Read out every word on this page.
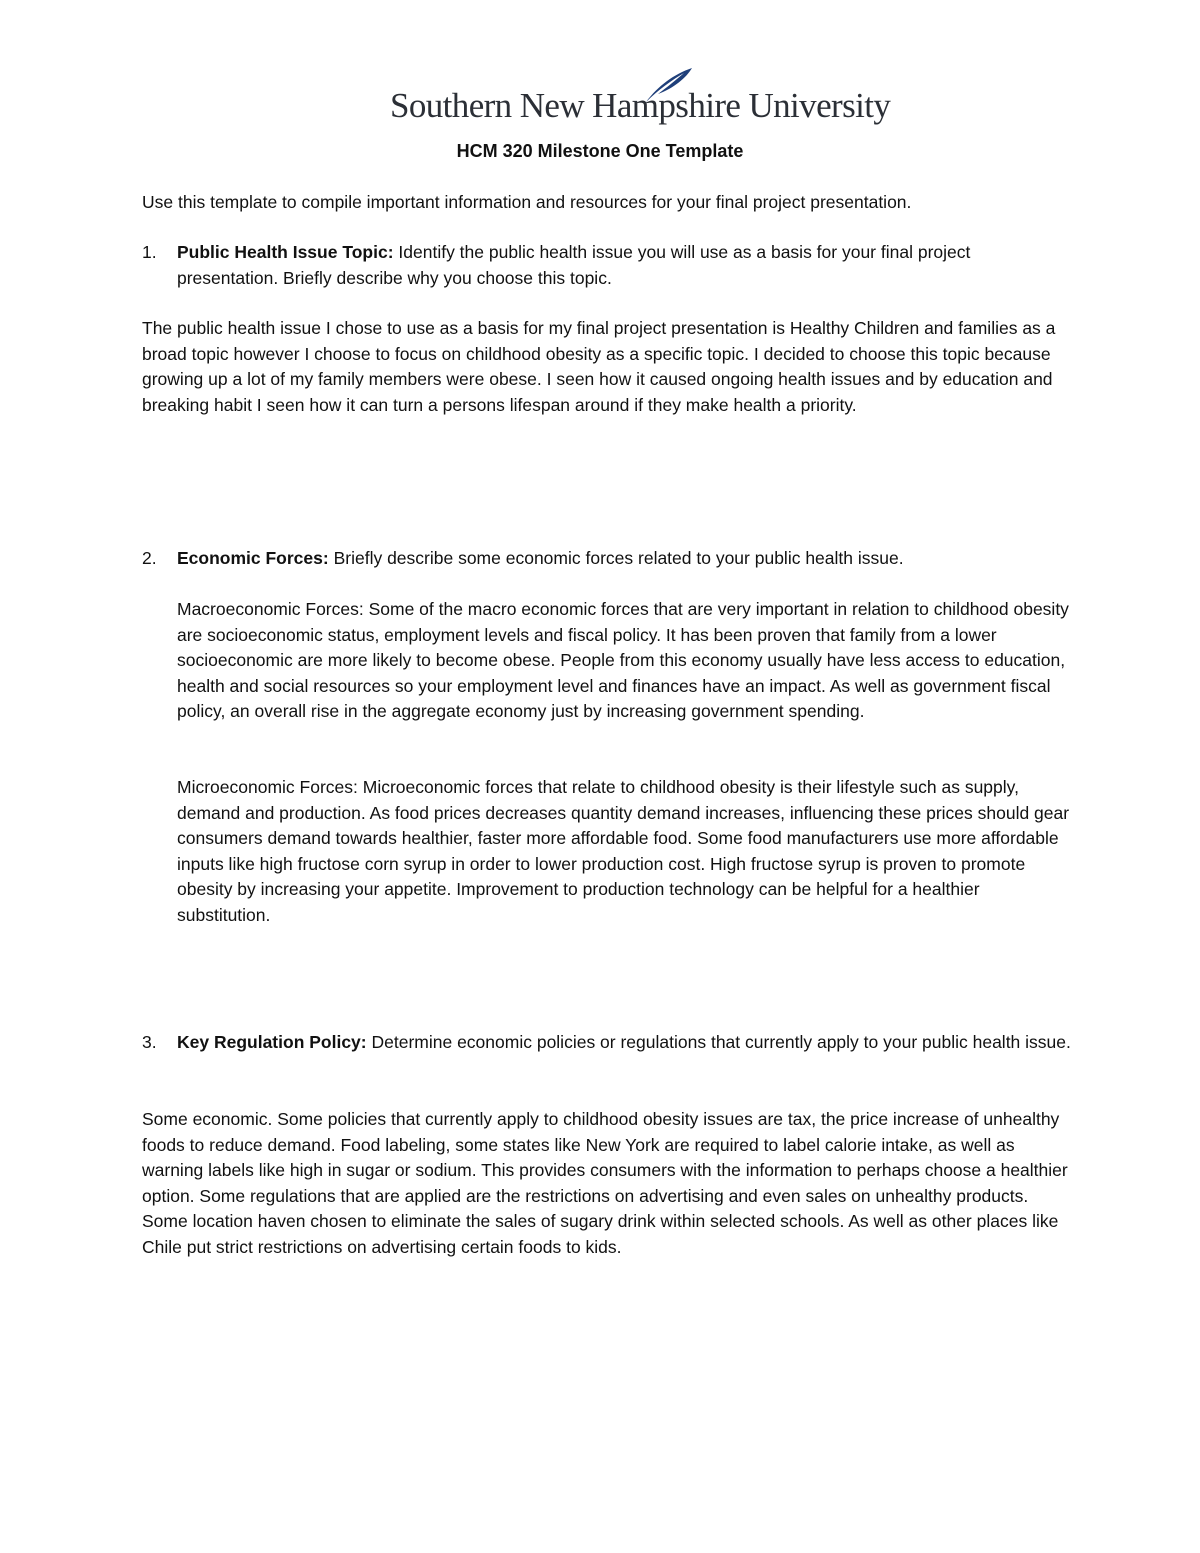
Southern New Hampshire University
HCM 320 Milestone One Template

Use this template to compile important information and resources for your final project presentation.

1. Public Health Issue Topic: Identify the public health issue you will use as a basis for your final project presentation. Briefly describe why you choose this topic.

The public health issue I chose to use as a basis for my final project presentation is Healthy Children and families as a broad topic however I choose to focus on childhood obesity as a specific topic. I decided to choose this topic because growing up a lot of my family members were obese. I seen how it caused ongoing health issues and by education and breaking habit I seen how it can turn a persons lifespan around if they make health a priority.

2. Economic Forces: Briefly describe some economic forces related to your public health issue.

Macroeconomic Forces: Some of the macro economic forces that are very important in relation to childhood obesity are socioeconomic status, employment levels and fiscal policy. It has been proven that family from a lower socioeconomic are more likely to become obese. People from this economy usually have less access to education, health and social resources so your employment level and finances have an impact. As well as government fiscal policy, an overall rise in the aggregate economy just by increasing government spending.

Microeconomic Forces: Microeconomic forces that relate to childhood obesity is their lifestyle such as supply, demand and production. As food prices decreases quantity demand increases, influencing these prices should gear consumers demand towards healthier, faster more affordable food. Some food manufacturers use more affordable inputs like high fructose corn syrup in order to lower production cost. High fructose syrup is proven to promote obesity by increasing your appetite. Improvement to production technology can be helpful for a healthier substitution.

3. Key Regulation Policy: Determine economic policies or regulations that currently apply to your public health issue.

Some economic. Some policies that currently apply to childhood obesity issues are tax, the price increase of unhealthy foods to reduce demand. Food labeling, some states like New York are required to label calorie intake, as well as warning labels like high in sugar or sodium. This provides consumers with the information to perhaps choose a healthier option. Some regulations that are applied are the restrictions on advertising and even sales on unhealthy products. Some location haven chosen to eliminate the sales of sugary drink within selected schools. As well as other places like Chile put strict restrictions on advertising certain foods to kids.
